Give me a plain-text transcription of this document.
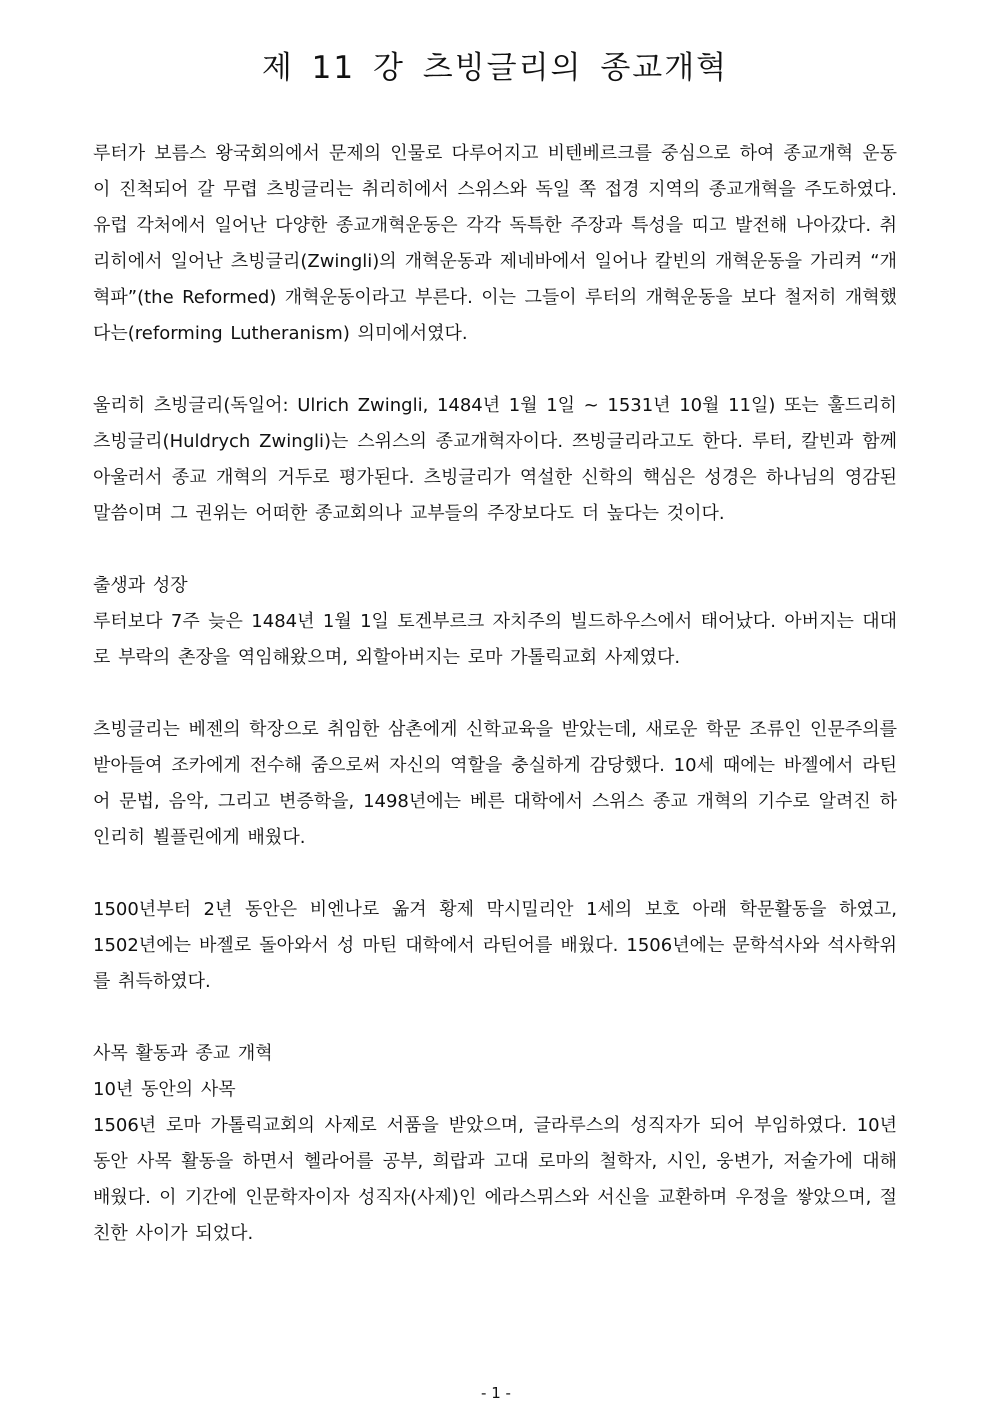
제 11 강 츠빙글리의 종교개혁

루터가 보름스 왕국회의에서 문제의 인물로 다루어지고 비텐베르크를 중심으로 하여 종교개혁 운동이 진척되어 갈 무렵 츠빙글리는 취리히에서 스위스와 독일 쪽 접경 지역의 종교개혁을 주도하였다. 유럽 각처에서 일어난 다양한 종교개혁운동은 각각 독특한 주장과 특성을 띠고 발전해 나아갔다. 취리히에서 일어난 츠빙글리(Zwingli)의 개혁운동과 제네바에서 일어나 칼빈의 개혁운동을 가리켜 “개혁파”(the Reformed) 개혁운동이라고 부른다. 이는 그들이 루터의 개혁운동을 보다 철저히 개혁했다는(reforming Lutheranism) 의미에서였다.

울리히 츠빙글리(독일어: Ulrich Zwingli, 1484년 1월 1일 ~ 1531년 10월 11일) 또는 훌드리히 츠빙글리(Huldrych Zwingli)는 스위스의 종교개혁자이다. 쯔빙글리라고도 한다. 루터, 칼빈과 함께 아울러서 종교 개혁의 거두로 평가된다. 츠빙글리가 역설한 신학의 핵심은 성경은 하나님의 영감된 말씀이며 그 권위는 어떠한 종교회의나 교부들의 주장보다도 더 높다는 것이다.

출생과 성장

루터보다 7주 늦은 1484년 1월 1일 토겐부르크 자치주의 빌드하우스에서 태어났다. 아버지는 대대로 부락의 촌장을 역임해왔으며, 외할아버지는 로마 가톨릭교회 사제였다.

츠빙글리는 베젠의 학장으로 취임한 삼촌에게 신학교육을 받았는데, 새로운 학문 조류인 인문주의를 받아들여 조카에게 전수해 줌으로써 자신의 역할을 충실하게 감당했다. 10세 때에는 바젤에서 라틴어 문법, 음악, 그리고 변증학을, 1498년에는 베른 대학에서 스위스 종교 개혁의 기수로 알려진 하인리히 뵐플린에게 배웠다.

1500년부터 2년 동안은 비엔나로 옮겨 황제 막시밀리안 1세의 보호 아래 학문활동을 하였고, 1502년에는 바젤로 돌아와서 성 마틴 대학에서 라틴어를 배웠다. 1506년에는 문학석사와 석사학위를 취득하였다.

사목 활동과 종교 개혁

10년 동안의 사목

1506년 로마 가톨릭교회의 사제로 서품을 받았으며, 글라루스의 성직자가 되어 부임하였다. 10년 동안 사목 활동을 하면서 헬라어를 공부, 희랍과 고대 로마의 철학자, 시인, 웅변가, 저술가에 대해 배웠다. 이 기간에 인문학자이자 성직자(사제)인 에라스뮈스와 서신을 교환하며 우정을 쌓았으며, 절친한 사이가 되었다.

- 1 -
